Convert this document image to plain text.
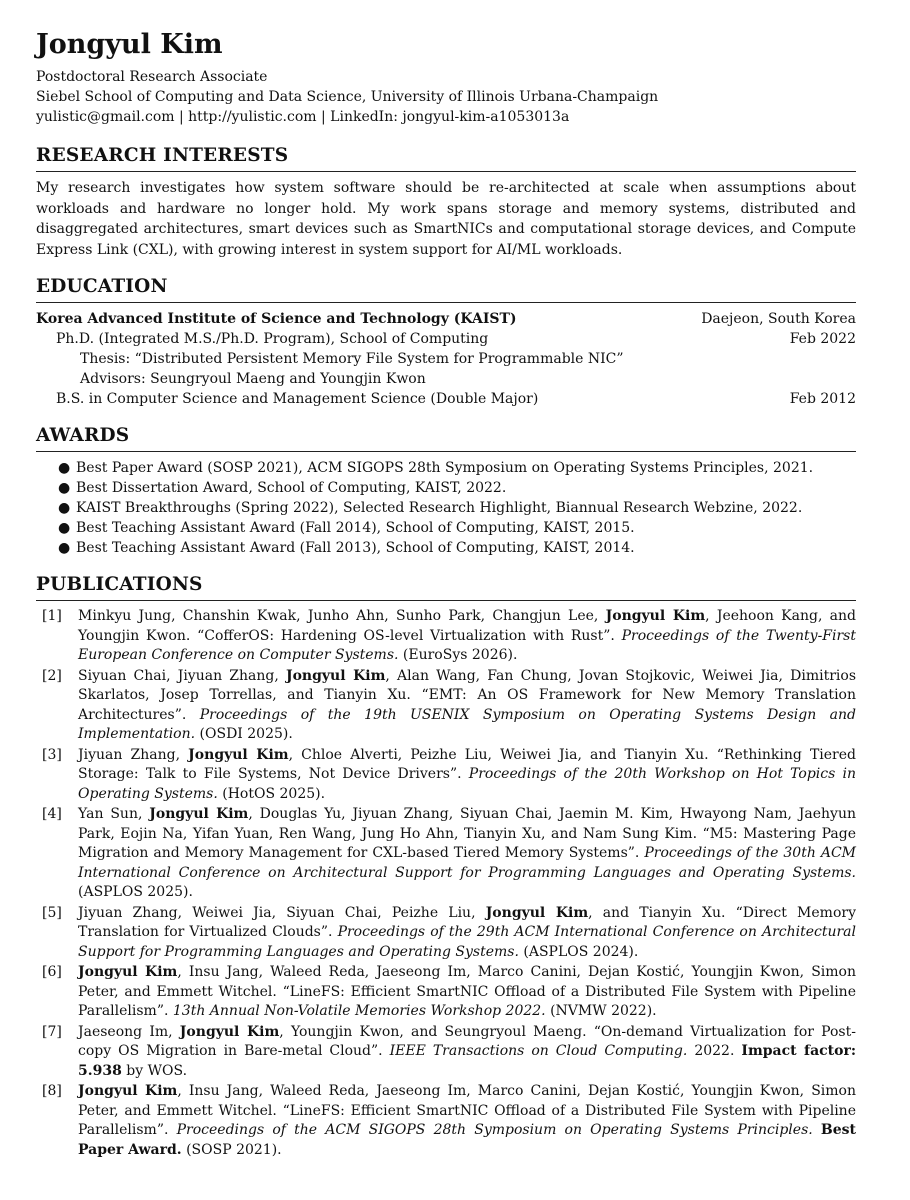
Jongyul Kim
Postdoctoral Research Associate
Siebel School of Computing and Data Science, University of Illinois Urbana-Champaign
yulistic@gmail.com | http://yulistic.com | LinkedIn: jongyul-kim-a1053013a
RESEARCH INTERESTS
My research investigates how system software should be re-architected at scale when assumptions about workloads and hardware no longer hold. My work spans storage and memory systems, distributed and disaggregated architectures, smart devices such as SmartNICs and computational storage devices, and Compute Express Link (CXL), with growing interest in system support for AI/ML workloads.
EDUCATION
Korea Advanced Institute of Science and Technology (KAIST)	Daejeon, South Korea
Ph.D. (Integrated M.S./Ph.D. Program), School of Computing	Feb 2022
Thesis: “Distributed Persistent Memory File System for Programmable NIC”
Advisors: Seungryoul Maeng and Youngjin Kwon
B.S. in Computer Science and Management Science (Double Major)	Feb 2012
AWARDS
● Best Paper Award (SOSP 2021), ACM SIGOPS 28th Symposium on Operating Systems Principles, 2021.
● Best Dissertation Award, School of Computing, KAIST, 2022.
● KAIST Breakthroughs (Spring 2022), Selected Research Highlight, Biannual Research Webzine, 2022.
● Best Teaching Assistant Award (Fall 2014), School of Computing, KAIST, 2015.
● Best Teaching Assistant Award (Fall 2013), School of Computing, KAIST, 2014.
PUBLICATIONS
[1]	Minkyu Jung, Chanshin Kwak, Junho Ahn, Sunho Park, Changjun Lee, Jongyul Kim, Jeehoon Kang, and Youngjin Kwon. “CofferOS: Hardening OS-level Virtualization with Rust”. Proceedings of the Twenty-First European Conference on Computer Systems. (EuroSys 2026).
[2]	Siyuan Chai, Jiyuan Zhang, Jongyul Kim, Alan Wang, Fan Chung, Jovan Stojkovic, Weiwei Jia, Dimitrios Skarlatos, Josep Torrellas, and Tianyin Xu. “EMT: An OS Framework for New Memory Translation Architectures”. Proceedings of the 19th USENIX Symposium on Operating Systems Design and Implementation. (OSDI 2025).
[3]	Jiyuan Zhang, Jongyul Kim, Chloe Alverti, Peizhe Liu, Weiwei Jia, and Tianyin Xu. “Rethinking Tiered Storage: Talk to File Systems, Not Device Drivers”. Proceedings of the 20th Workshop on Hot Topics in Operating Systems. (HotOS 2025).
[4]	Yan Sun, Jongyul Kim, Douglas Yu, Jiyuan Zhang, Siyuan Chai, Jaemin M. Kim, Hwayong Nam, Jaehyun Park, Eojin Na, Yifan Yuan, Ren Wang, Jung Ho Ahn, Tianyin Xu, and Nam Sung Kim. “M5: Mastering Page Migration and Memory Management for CXL-based Tiered Memory Systems”. Proceedings of the 30th ACM International Conference on Architectural Support for Programming Languages and Operating Systems. (ASPLOS 2025).
[5]	Jiyuan Zhang, Weiwei Jia, Siyuan Chai, Peizhe Liu, Jongyul Kim, and Tianyin Xu. “Direct Memory Translation for Virtualized Clouds”. Proceedings of the 29th ACM International Conference on Architectural Support for Programming Languages and Operating Systems. (ASPLOS 2024).
[6]	Jongyul Kim, Insu Jang, Waleed Reda, Jaeseong Im, Marco Canini, Dejan Kostić, Youngjin Kwon, Simon Peter, and Emmett Witchel. “LineFS: Efficient SmartNIC Offload of a Distributed File System with Pipeline Parallelism”. 13th Annual Non-Volatile Memories Workshop 2022. (NVMW 2022).
[7]	Jaeseong Im, Jongyul Kim, Youngjin Kwon, and Seungryoul Maeng. “On-demand Virtualization for Post-copy OS Migration in Bare-metal Cloud”. IEEE Transactions on Cloud Computing. 2022. Impact factor: 5.938 by WOS.
[8]	Jongyul Kim, Insu Jang, Waleed Reda, Jaeseong Im, Marco Canini, Dejan Kostić, Youngjin Kwon, Simon Peter, and Emmett Witchel. “LineFS: Efficient SmartNIC Offload of a Distributed File System with Pipeline Parallelism”. Proceedings of the ACM SIGOPS 28th Symposium on Operating Systems Principles. Best Paper Award. (SOSP 2021).
